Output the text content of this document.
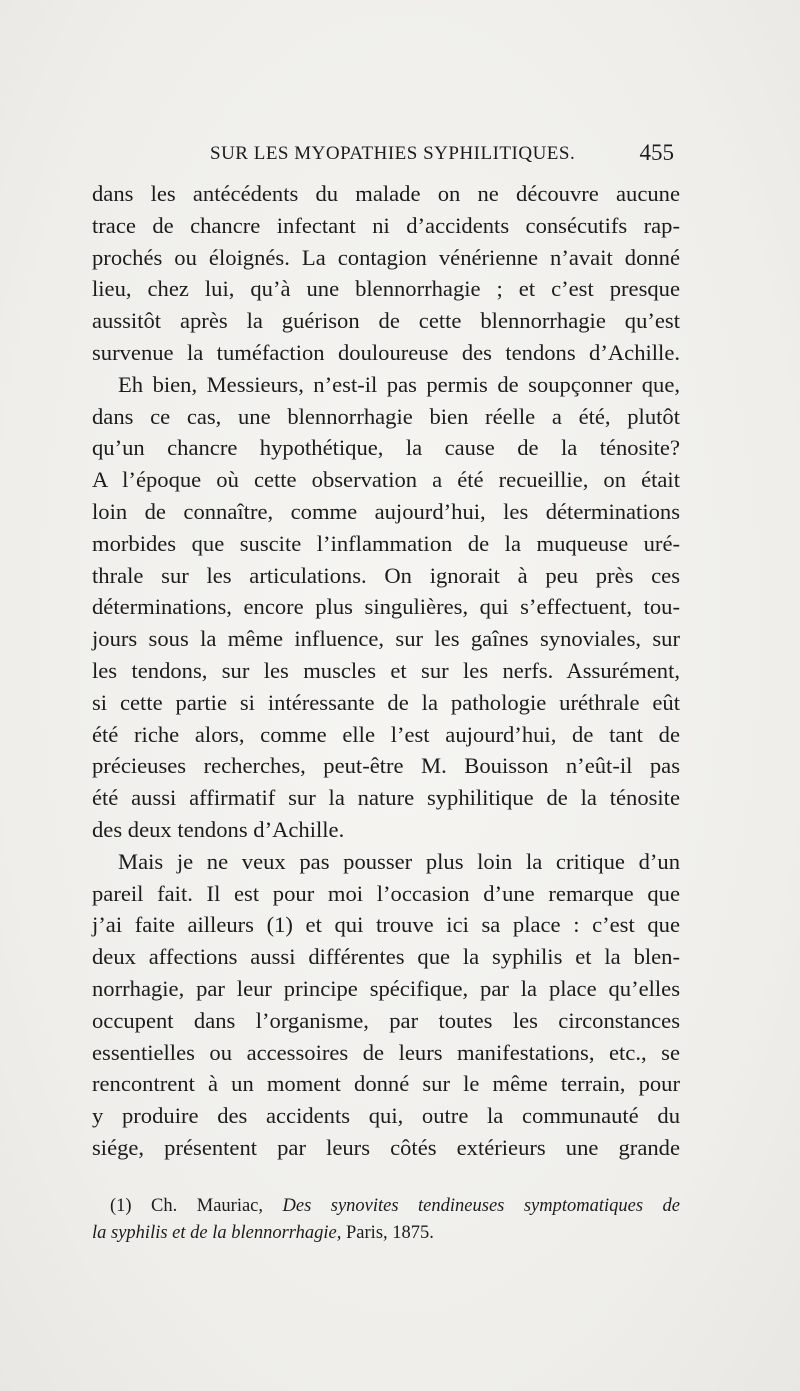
SUR LES MYOPATHIES SYPHILITIQUES.	455
dans les antécédents du malade on ne découvre aucune
trace de chancre infectant ni d’accidents consécutifs rap-
prochés ou éloignés. La contagion vénérienne n’avait donné
lieu, chez lui, qu’à une blennorrhagie ; et c’est presque
aussitôt après la guérison de cette blennorrhagie qu’est
survenue la tuméfaction douloureuse des tendons d’Achille.
Eh bien, Messieurs, n’est-il pas permis de soupçonner que,
dans ce cas, une blennorrhagie bien réelle a été, plutôt
qu’un chancre hypothétique, la cause de la ténosite?
A l’époque où cette observation a été recueillie, on était
loin de connaître, comme aujourd’hui, les déterminations
morbides que suscite l’inflammation de la muqueuse uré-
thrale sur les articulations. On ignorait à peu près ces
déterminations, encore plus singulières, qui s’effectuent, tou-
jours sous la même influence, sur les gaînes synoviales, sur
les tendons, sur les muscles et sur les nerfs. Assurément,
si cette partie si intéressante de la pathologie uréthrale eût
été riche alors, comme elle l’est aujourd’hui, de tant de
précieuses recherches, peut-être M. Bouisson n’eût-il pas
été aussi affirmatif sur la nature syphilitique de la ténosite
des deux tendons d’Achille.
Mais je ne veux pas pousser plus loin la critique d’un
pareil fait. Il est pour moi l’occasion d’une remarque que
j’ai faite ailleurs (1) et qui trouve ici sa place : c’est que
deux affections aussi différentes que la syphilis et la blen-
norrhagie, par leur principe spécifique, par la place qu’elles
occupent dans l’organisme, par toutes les circonstances
essentielles ou accessoires de leurs manifestations, etc., se
rencontrent à un moment donné sur le même terrain, pour
y produire des accidents qui, outre la communauté du
siége, présentent par leurs côtés extérieurs une grande
(1) Ch. Mauriac, Des synovites tendineuses symptomatiques de
la syphilis et de la blennorrhagie, Paris, 1875.
